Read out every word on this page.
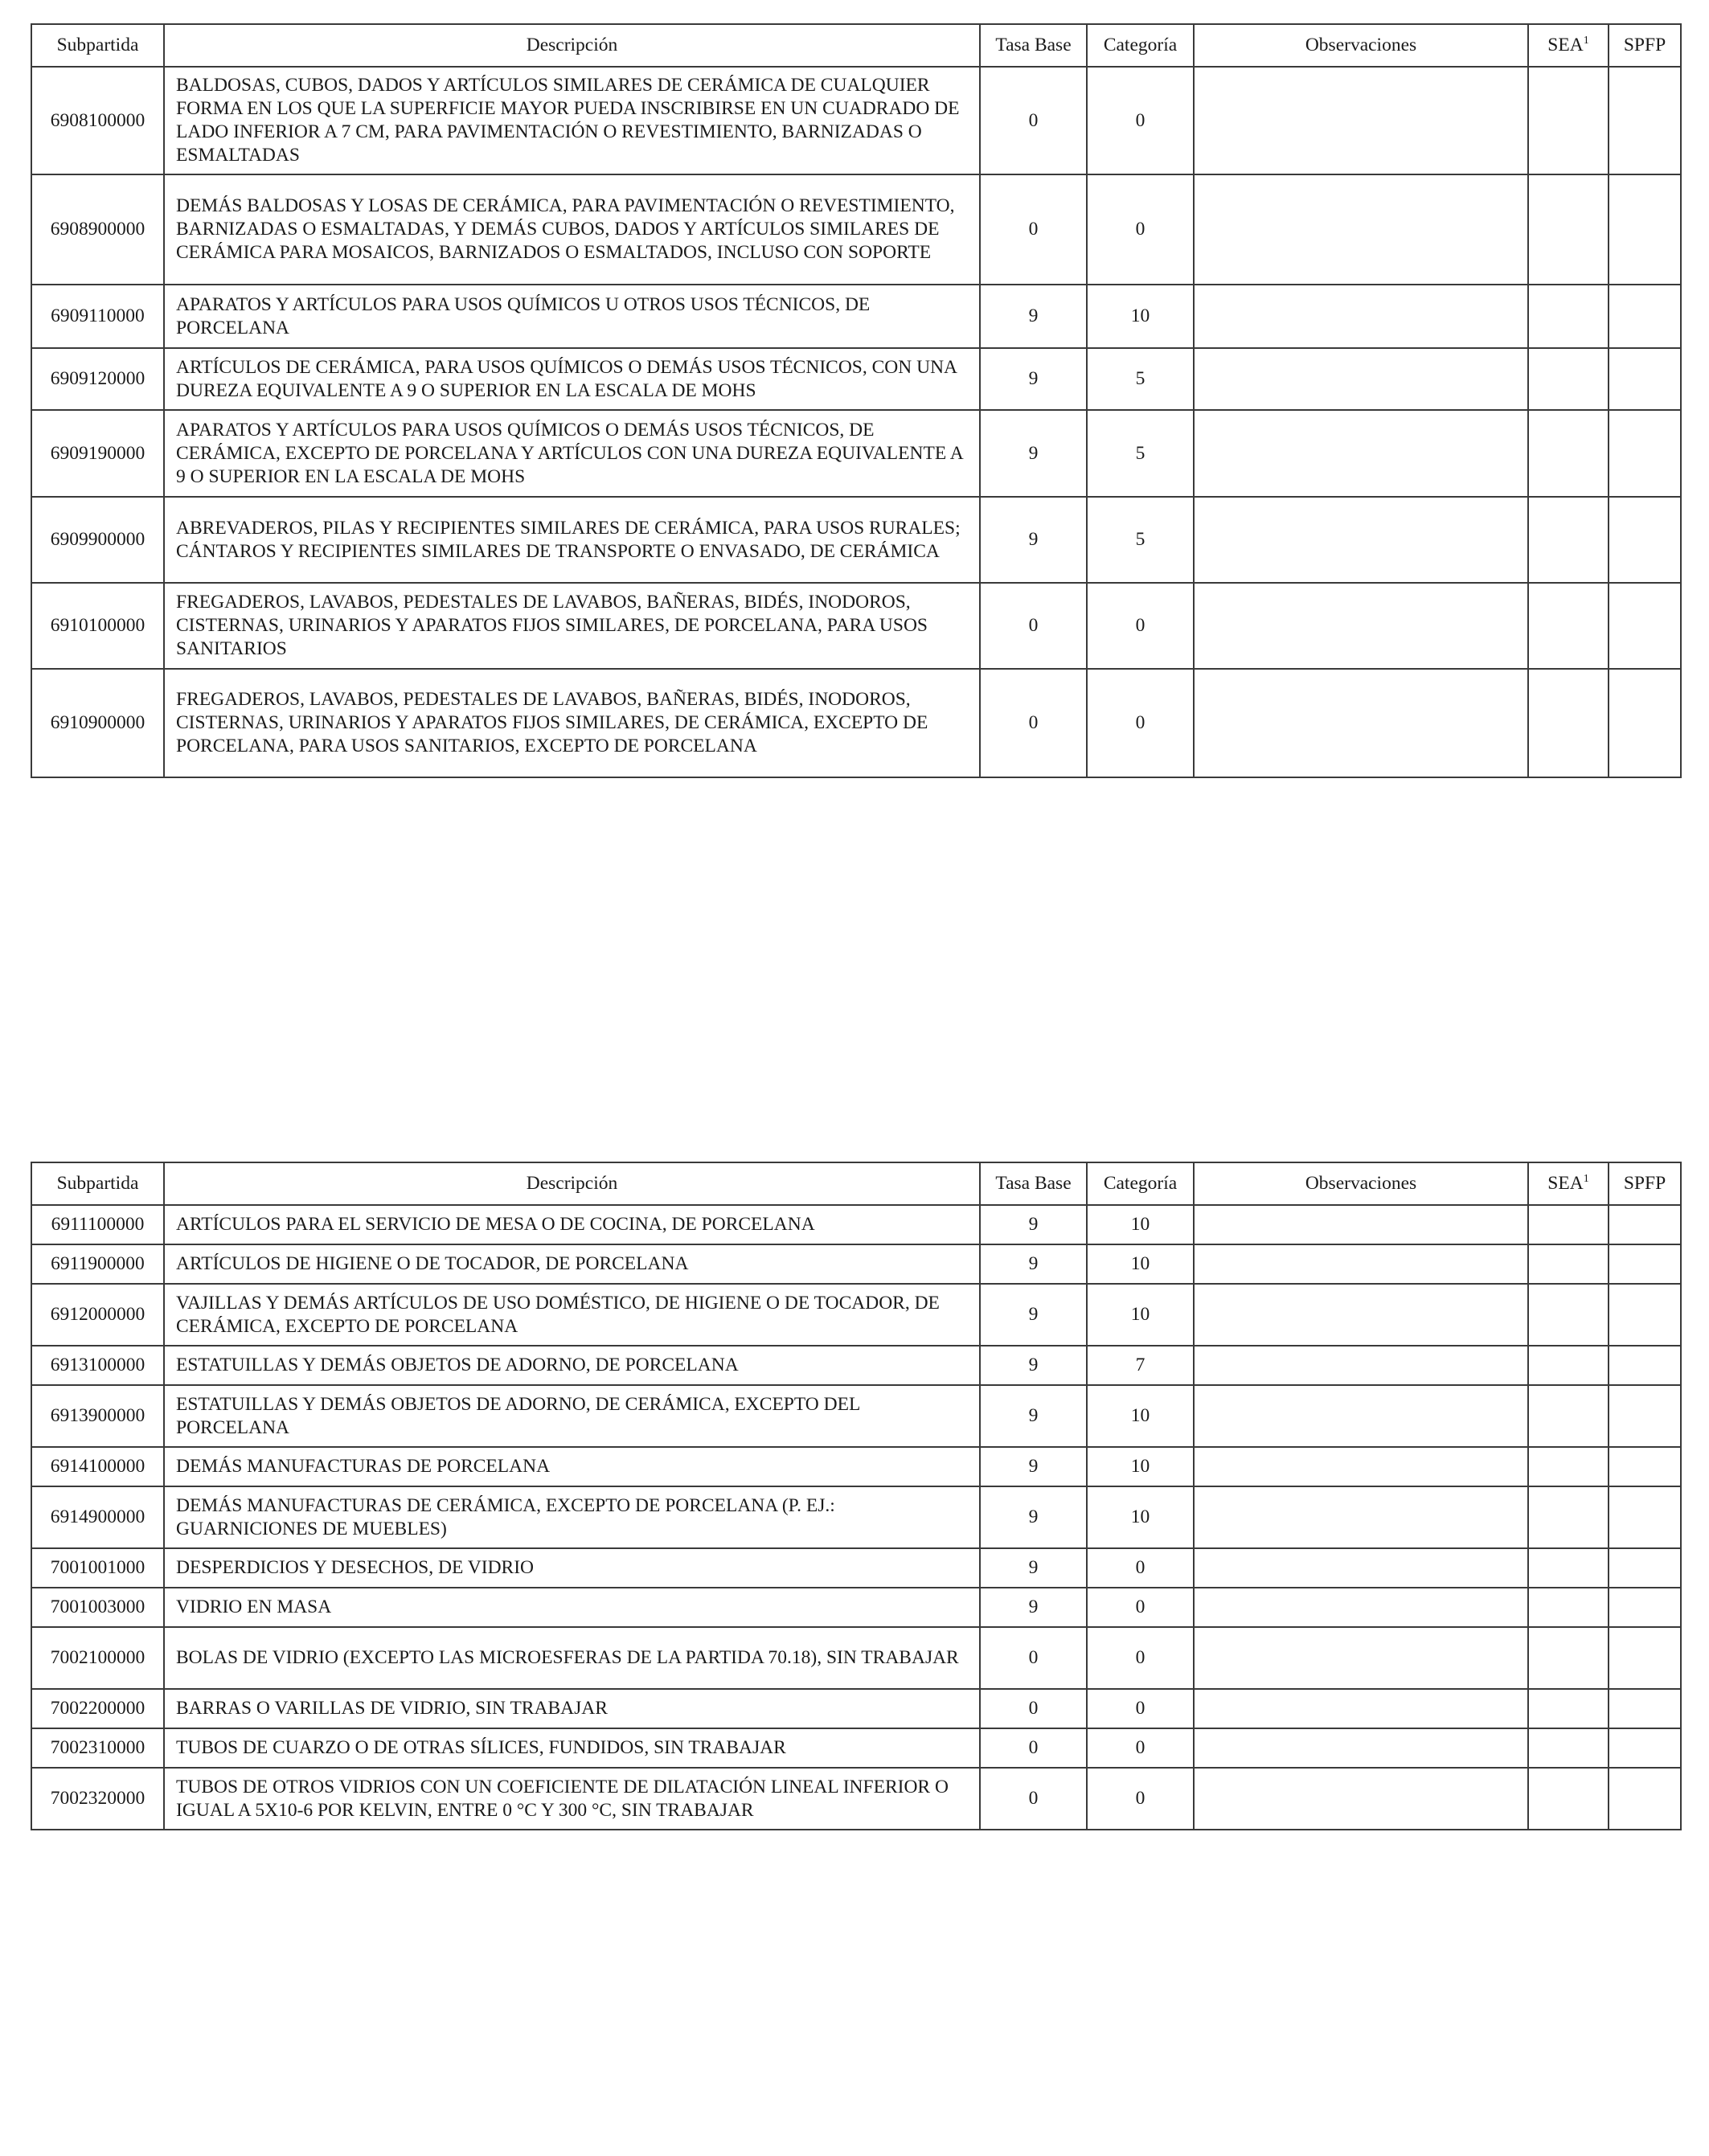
Subpartida	Descripción	Tasa Base	Categoría	Observaciones	SEA$^1$	SPFP
6908100000	BALDOSAS, CUBOS, DADOS Y ARTÍCULOS SIMILARES DE CERÁMICA DE CUALQUIER FORMA EN LOS QUE LA SUPERFICIE MAYOR PUEDA INSCRIBIRSE EN UN CUADRADO DE LADO INFERIOR A 7 CM, PARA PAVIMENTACIÓN O REVESTIMIENTO, BARNIZADAS O ESMALTADAS	0	0			
6908900000	DEMÁS BALDOSAS Y LOSAS DE CERÁMICA, PARA PAVIMENTACIÓN O REVESTIMIENTO, BARNIZADAS O ESMALTADAS, Y DEMÁS CUBOS, DADOS Y ARTÍCULOS SIMILARES DE CERÁMICA PARA MOSAICOS, BARNIZADOS O ESMALTADOS, INCLUSO CON SOPORTE	0	0			
6909110000	APARATOS Y ARTÍCULOS PARA USOS QUÍMICOS U OTROS USOS TÉCNICOS, DE PORCELANA	9	10			
6909120000	ARTÍCULOS DE CERÁMICA, PARA USOS QUÍMICOS O DEMÁS USOS TÉCNICOS, CON UNA DUREZA EQUIVALENTE A 9 O SUPERIOR EN LA ESCALA DE MOHS	9	5			
6909190000	APARATOS Y ARTÍCULOS PARA USOS QUÍMICOS O DEMÁS USOS TÉCNICOS, DE CERÁMICA, EXCEPTO DE PORCELANA Y ARTÍCULOS CON UNA DUREZA EQUIVALENTE A 9 O SUPERIOR EN LA ESCALA DE MOHS	9	5			
6909900000	ABREVADEROS, PILAS Y RECIPIENTES SIMILARES DE CERÁMICA, PARA USOS RURALES; CÁNTAROS Y RECIPIENTES SIMILARES DE TRANSPORTE O ENVASADO, DE CERÁMICA	9	5			
6910100000	FREGADEROS, LAVABOS, PEDESTALES DE LAVABOS, BAÑERAS, BIDÉS, INODOROS, CISTERNAS, URINARIOS Y APARATOS FIJOS SIMILARES, DE PORCELANA, PARA USOS SANITARIOS	0	0			
6910900000	FREGADEROS, LAVABOS, PEDESTALES DE LAVABOS, BAÑERAS, BIDÉS, INODOROS, CISTERNAS, URINARIOS Y APARATOS FIJOS SIMILARES, DE CERÁMICA, EXCEPTO DE PORCELANA, PARA USOS SANITARIOS, EXCEPTO DE PORCELANA	0	0			
Subpartida	Descripción	Tasa Base	Categoría	Observaciones	SEA$^1$	SPFP
6911100000	ARTÍCULOS PARA EL SERVICIO DE MESA O DE COCINA, DE PORCELANA	9	10			
6911900000	ARTÍCULOS DE HIGIENE O DE TOCADOR, DE PORCELANA	9	10			
6912000000	VAJILLAS Y DEMÁS ARTÍCULOS DE USO DOMÉSTICO, DE HIGIENE O DE TOCADOR, DE CERÁMICA, EXCEPTO DE PORCELANA	9	10			
6913100000	ESTATUILLAS Y DEMÁS OBJETOS DE ADORNO, DE PORCELANA	9	7			
6913900000	ESTATUILLAS Y DEMÁS OBJETOS DE ADORNO, DE CERÁMICA, EXCEPTO DEL PORCELANA	9	10			
6914100000	DEMÁS MANUFACTURAS DE PORCELANA	9	10			
6914900000	DEMÁS MANUFACTURAS DE CERÁMICA, EXCEPTO DE PORCELANA (P. EJ.: GUARNICIONES DE MUEBLES)	9	10			
7001001000	DESPERDICIOS Y DESECHOS, DE VIDRIO	9	0			
7001003000	VIDRIO EN MASA	9	0			
7002100000	BOLAS DE VIDRIO (EXCEPTO LAS MICROESFERAS DE LA PARTIDA 70.18), SIN TRABAJAR	0	0			
7002200000	BARRAS O VARILLAS DE VIDRIO, SIN TRABAJAR	0	0			
7002310000	TUBOS DE CUARZO O DE OTRAS SÍLICES, FUNDIDOS, SIN TRABAJAR	0	0			
7002320000	TUBOS DE OTROS VIDRIOS CON UN COEFICIENTE DE DILATACIÓN LINEAL INFERIOR O IGUAL A 5X10-6 POR KELVIN, ENTRE 0 °C Y 300 °C, SIN TRABAJAR	0	0			
